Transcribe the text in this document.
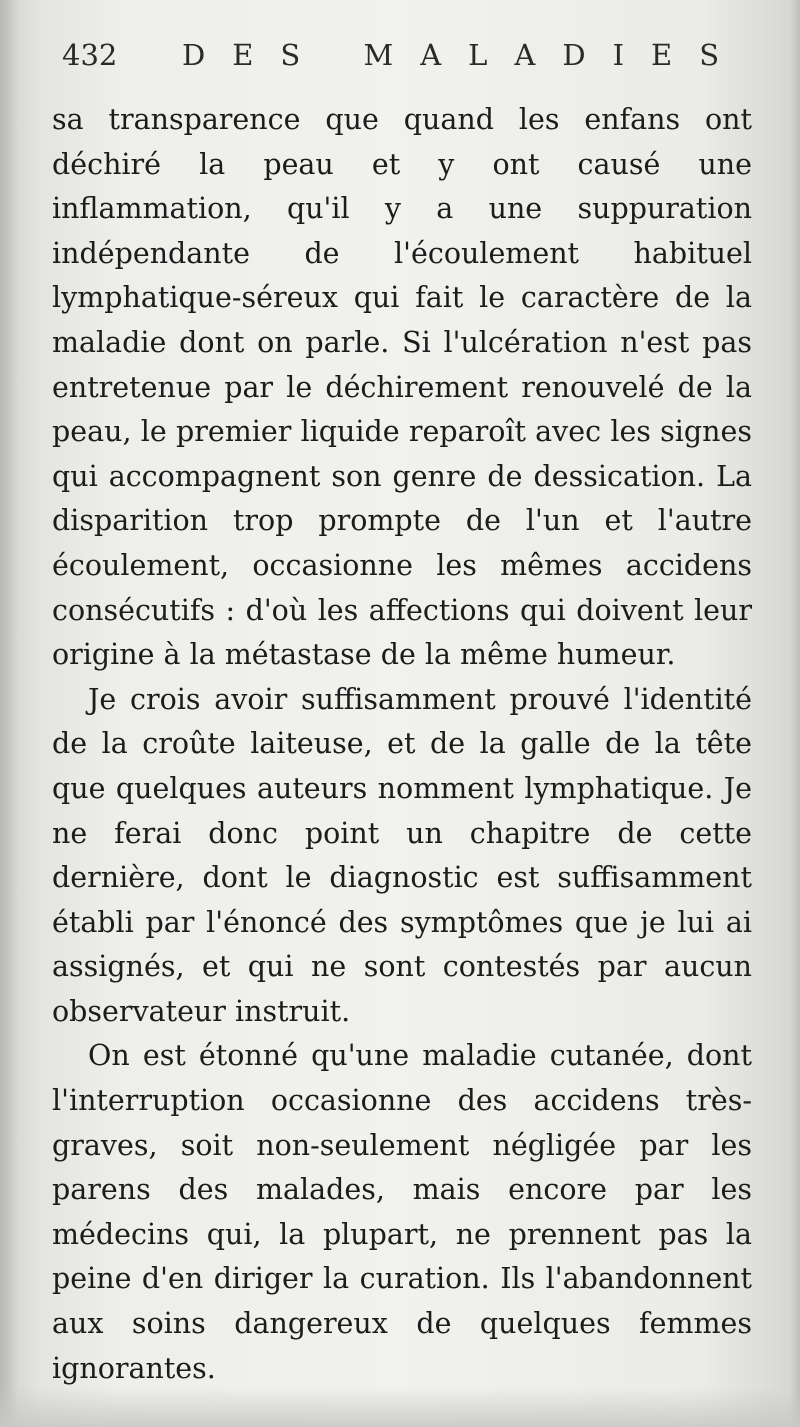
432 DES MALADIES

sa transparence que quand les enfans ont déchiré la peau et y ont causé une inflammation, qu'il y a une suppuration indépendante de l'écoulement habituel lymphatique-séreux qui fait le caractère de la maladie dont on parle. Si l'ulcération n'est pas entretenue par le déchirement renouvelé de la peau, le premier liquide reparoît avec les signes qui accompagnent son genre de dessication. La disparition trop prompte de l'un et l'autre écoulement, occasionne les mêmes accidens consécutifs : d'où les affections qui doivent leur origine à la métastase de la même humeur.

Je crois avoir suffisamment prouvé l'identité de la croûte laiteuse, et de la galle de la tête que quelques auteurs nomment lymphatique. Je ne ferai donc point un chapitre de cette dernière, dont le diagnostic est suffisamment établi par l'énoncé des symptômes que je lui ai assignés, et qui ne sont contestés par aucun observateur instruit.

On est étonné qu'une maladie cutanée, dont l'interruption occasionne des accidens très-graves, soit non-seulement négligée par les parens des malades, mais encore par les médecins qui, la plupart, ne prennent pas la peine d'en diriger la curation. Ils l'abandonnent aux soins dangereux de quelques femmes ignorantes.
